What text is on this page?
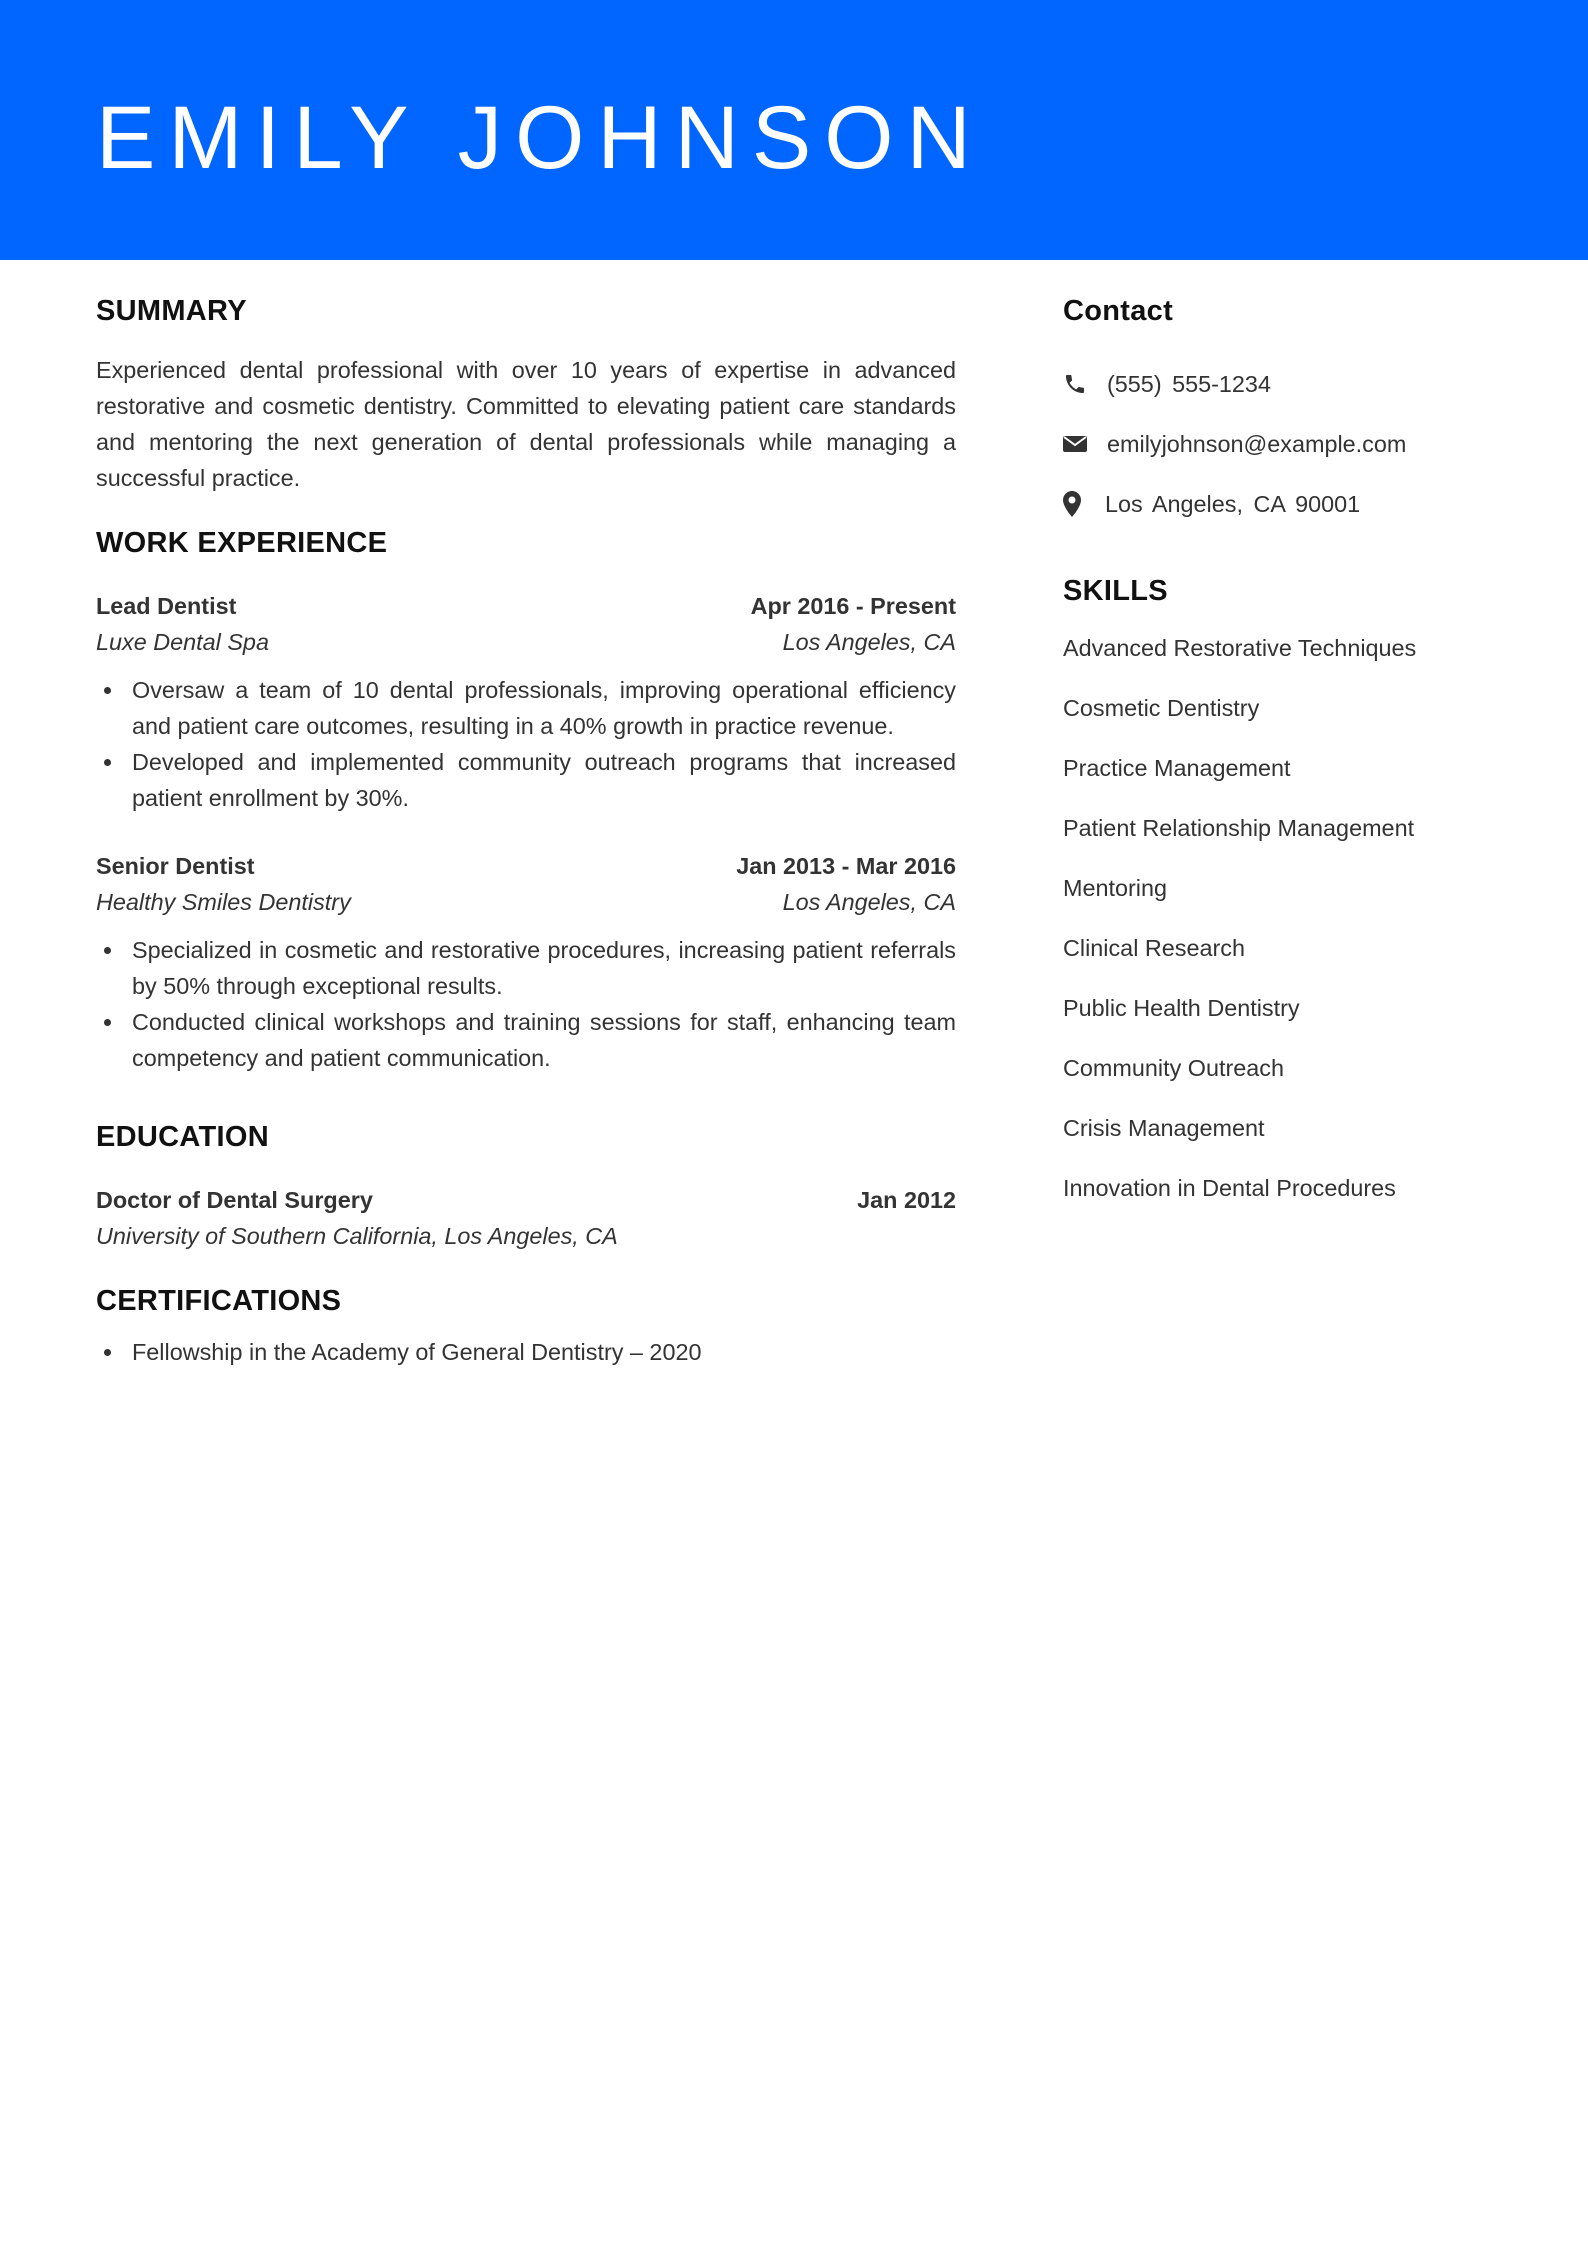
EMILY JOHNSON
SUMMARY

Experienced dental professional with over 10 years of expertise in advanced restorative and cosmetic dentistry. Committed to elevating patient care standards and mentoring the next generation of dental professionals while managing a successful practice.

WORK EXPERIENCE
Lead Dentist	Apr 2016 - Present
Luxe Dental Spa	Los Angeles, CA
Oversaw a team of 10 dental professionals, improving operational efficiency and patient care outcomes, resulting in a 40% growth in practice revenue.
Developed and implemented community outreach programs that increased patient enrollment by 30%.
Senior Dentist	Jan 2013 - Mar 2016
Healthy Smiles Dentistry	Los Angeles, CA
Specialized in cosmetic and restorative procedures, increasing patient referrals by 50% through exceptional results.
Conducted clinical workshops and training sessions for staff, enhancing team competency and patient communication.
EDUCATION
Doctor of Dental Surgery	Jan 2012
University of Southern California, Los Angeles, CA
CERTIFICATIONS
Fellowship in the Academy of General Dentistry – 2020
Contact
(555) 555-1234
emilyjohnson@example.com
Los Angeles, CA 90001
SKILLS
Advanced Restorative Techniques
Cosmetic Dentistry
Practice Management
Patient Relationship Management
Mentoring
Clinical Research
Public Health Dentistry
Community Outreach
Crisis Management
Innovation in Dental Procedures
